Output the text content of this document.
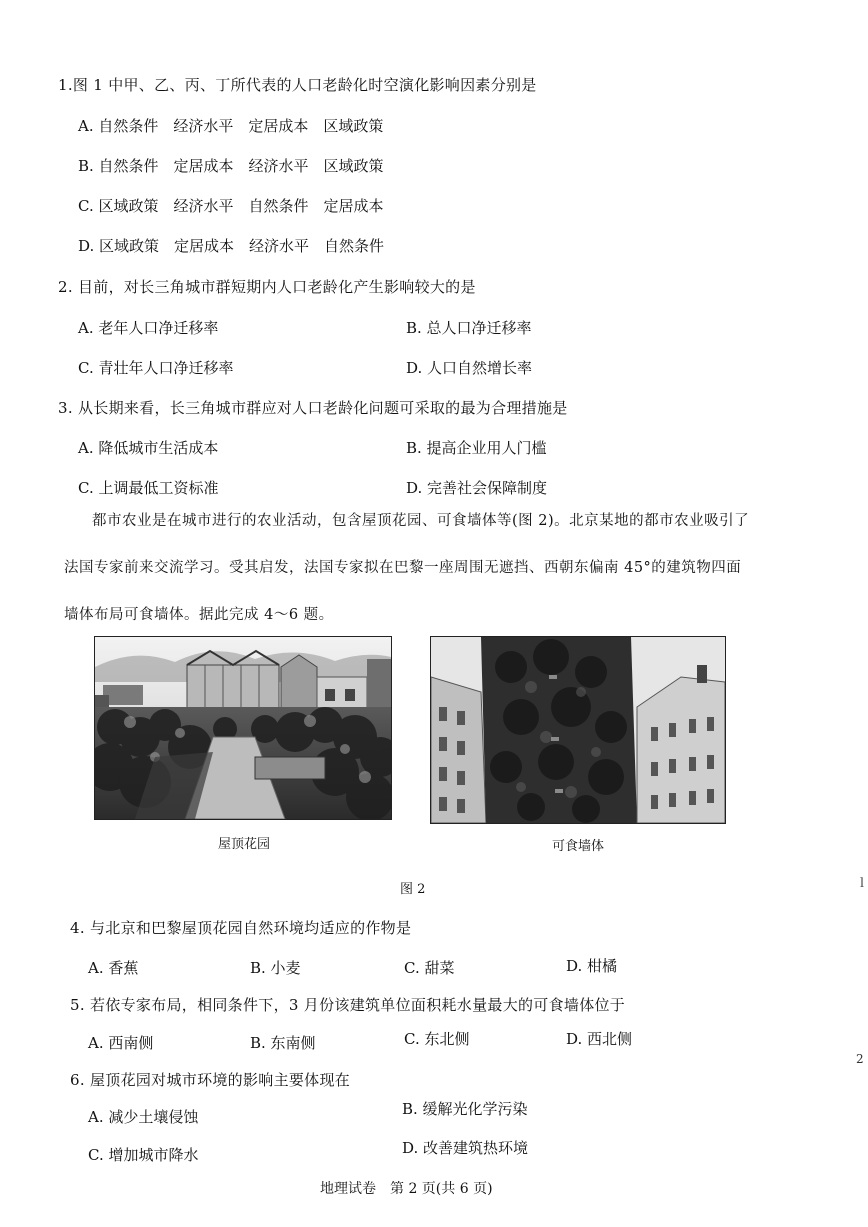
1.图 1 中甲、乙、丙、丁所代表的人口老龄化时空演化影响因素分别是
A. 自然条件　经济水平　定居成本　区域政策
B. 自然条件　定居成本　经济水平　区域政策
C. 区域政策　经济水平　自然条件　定居成本
D. 区域政策　定居成本　经济水平　自然条件
2. 目前，对长三角城市群短期内人口老龄化产生影响较大的是
A. 老年人口净迁移率	B. 总人口净迁移率
C. 青壮年人口净迁移率	D. 人口自然增长率
3. 从长期来看，长三角城市群应对人口老龄化问题可采取的最为合理措施是
A. 降低城市生活成本	B. 提高企业用人门槛
C. 上调最低工资标准	D. 完善社会保障制度
都市农业是在城市进行的农业活动，包含屋顶花园、可食墙体等(图 2)。北京某地的都市农业吸引了法国专家前来交流学习。受其启发，法国专家拟在巴黎一座周围无遮挡、西朝东偏南 45°的建筑物四面墙体布局可食墙体。据此完成 4～6 题。
屋顶花园	可食墙体
图 2
4. 与北京和巴黎屋顶花园自然环境均适应的作物是
A. 香蕉	B. 小麦	C. 甜菜	D. 柑橘
5. 若依专家布局，相同条件下，3 月份该建筑单位面积耗水量最大的可食墙体位于
A. 西南侧	B. 东南侧	C. 东北侧	D. 西北侧
6. 屋顶花园对城市环境的影响主要体现在
A. 减少土壤侵蚀	B. 缓解光化学污染
C. 增加城市降水	D. 改善建筑热环境
地理试卷　第 2 页(共 6 页)
ｌ
2
